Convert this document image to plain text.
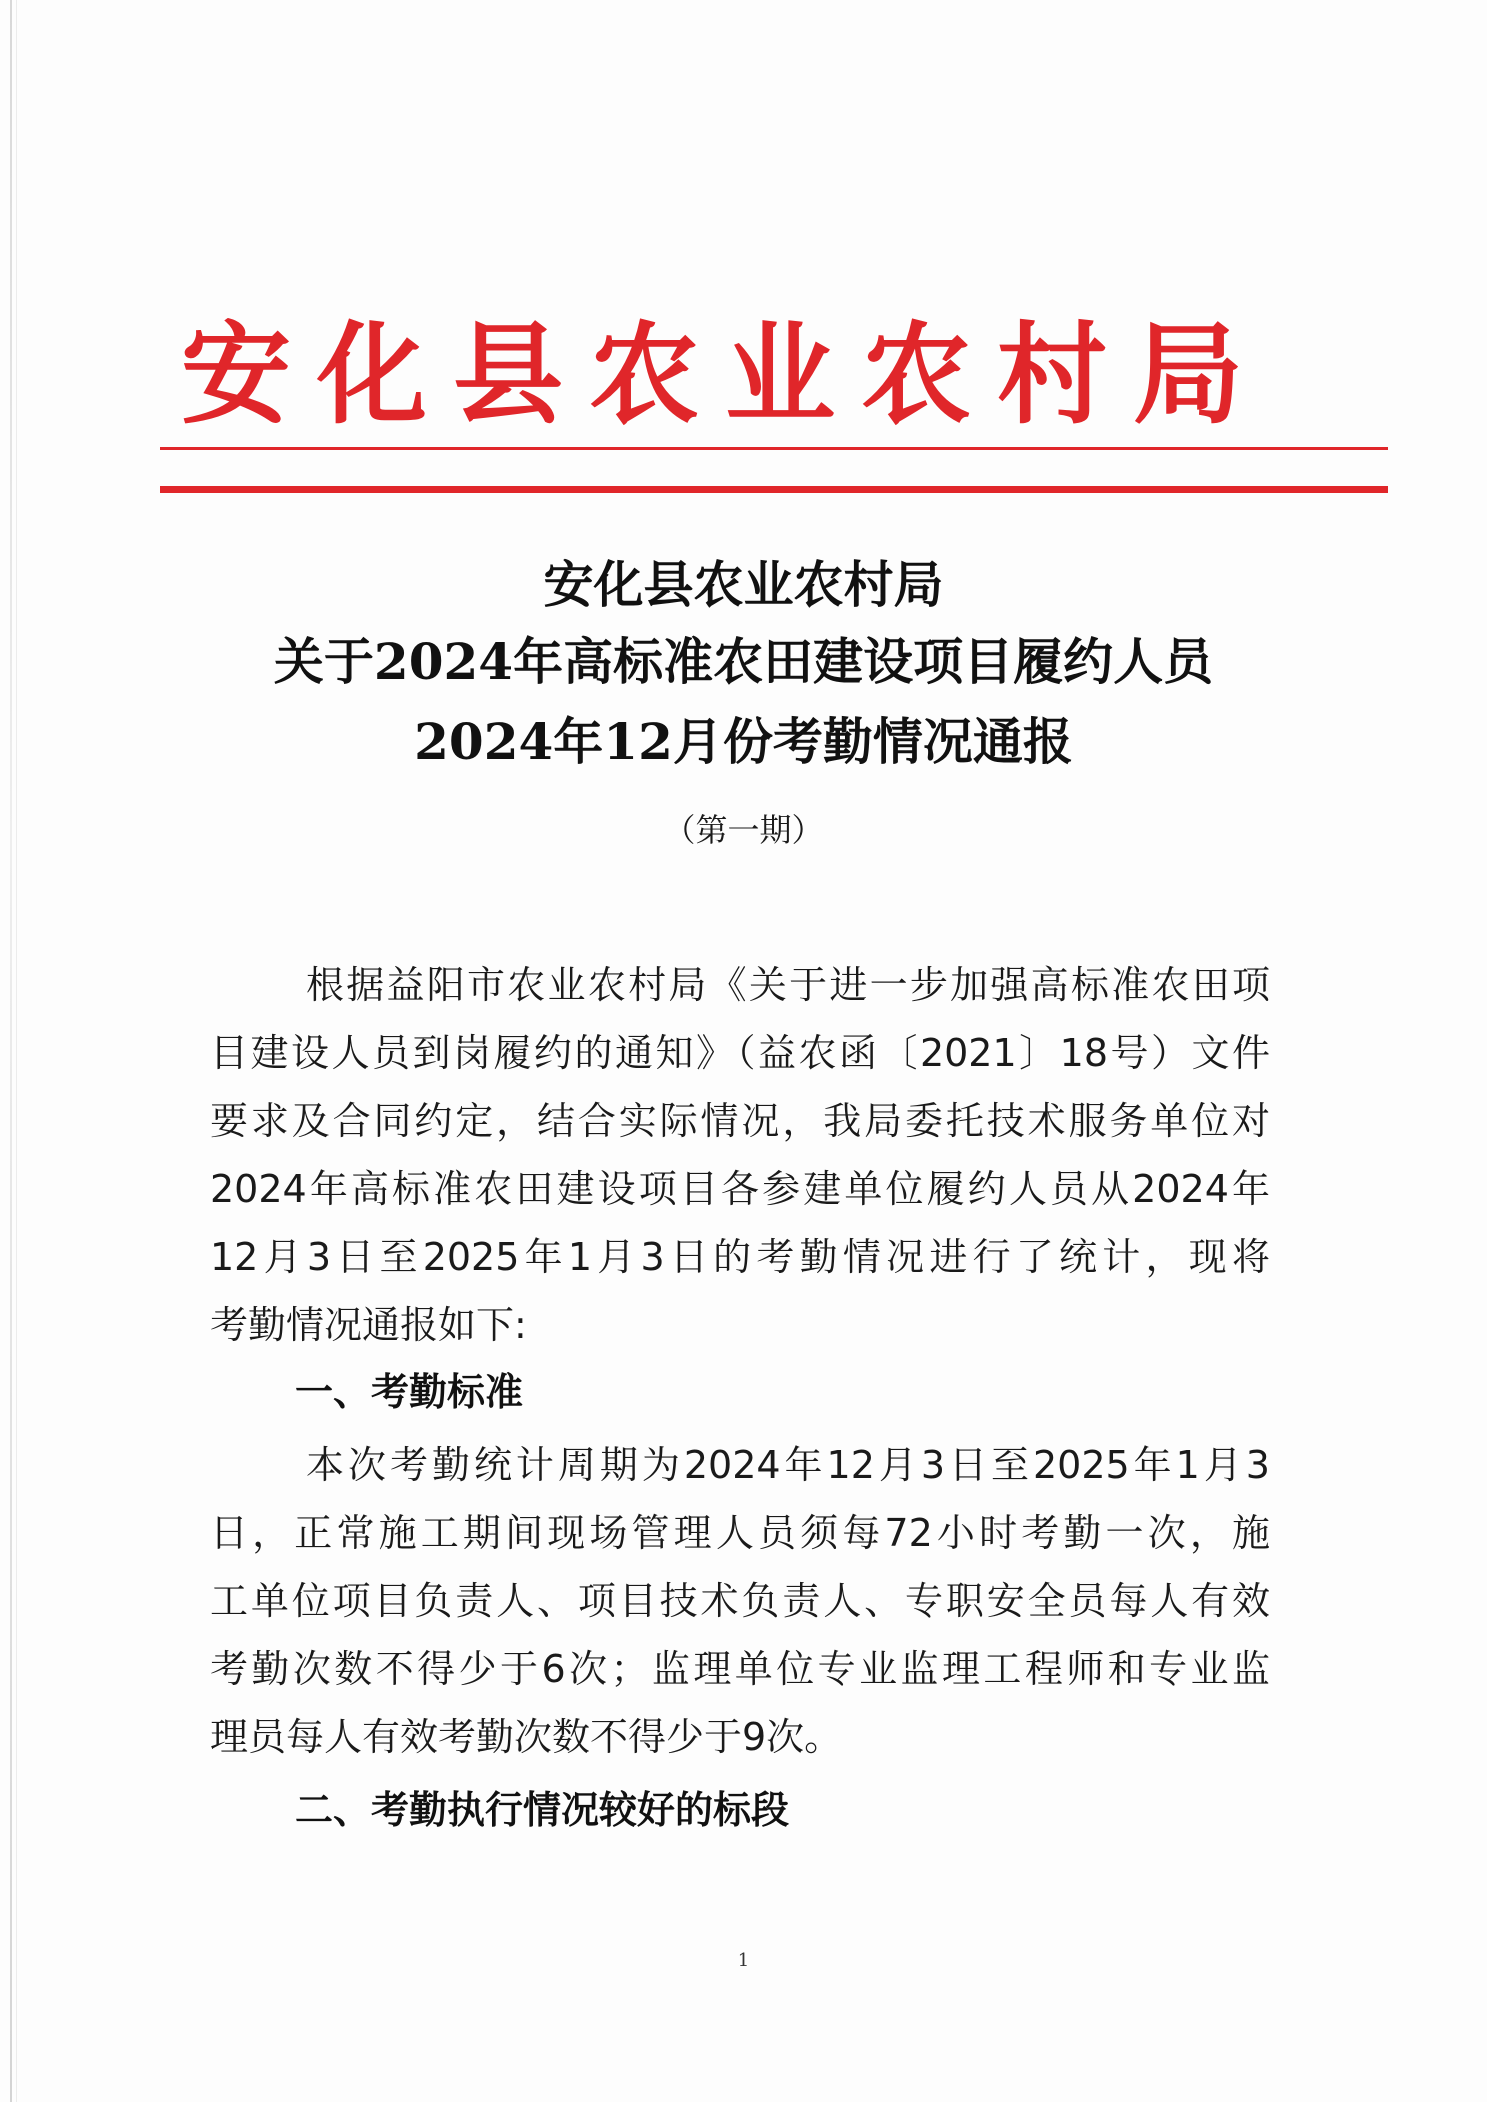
安化县农业农村局
安化县农业农村局
关于2024年高标准农田建设项目履约人员
2024年12月份考勤情况通报
（第一期）
根据益阳市农业农村局《关于进一步加强高标准农田项
目建设人员到岗履约的通知》（益农函〔2021〕18号）文件
要求及合同约定，结合实际情况，我局委托技术服务单位对
2024年高标准农田建设项目各参建单位履约人员从2024年
12月3日至2025年1月3日的考勤情况进行了统计，现将
考勤情况通报如下:
一、考勤标准
本次考勤统计周期为2024年12月3日至2025年1月3
日，正常施工期间现场管理人员须每72小时考勤一次，施
工单位项目负责人、项目技术负责人、专职安全员每人有效
考勤次数不得少于6次；监理单位专业监理工程师和专业监
理员每人有效考勤次数不得少于9次。
二、考勤执行情况较好的标段
1
